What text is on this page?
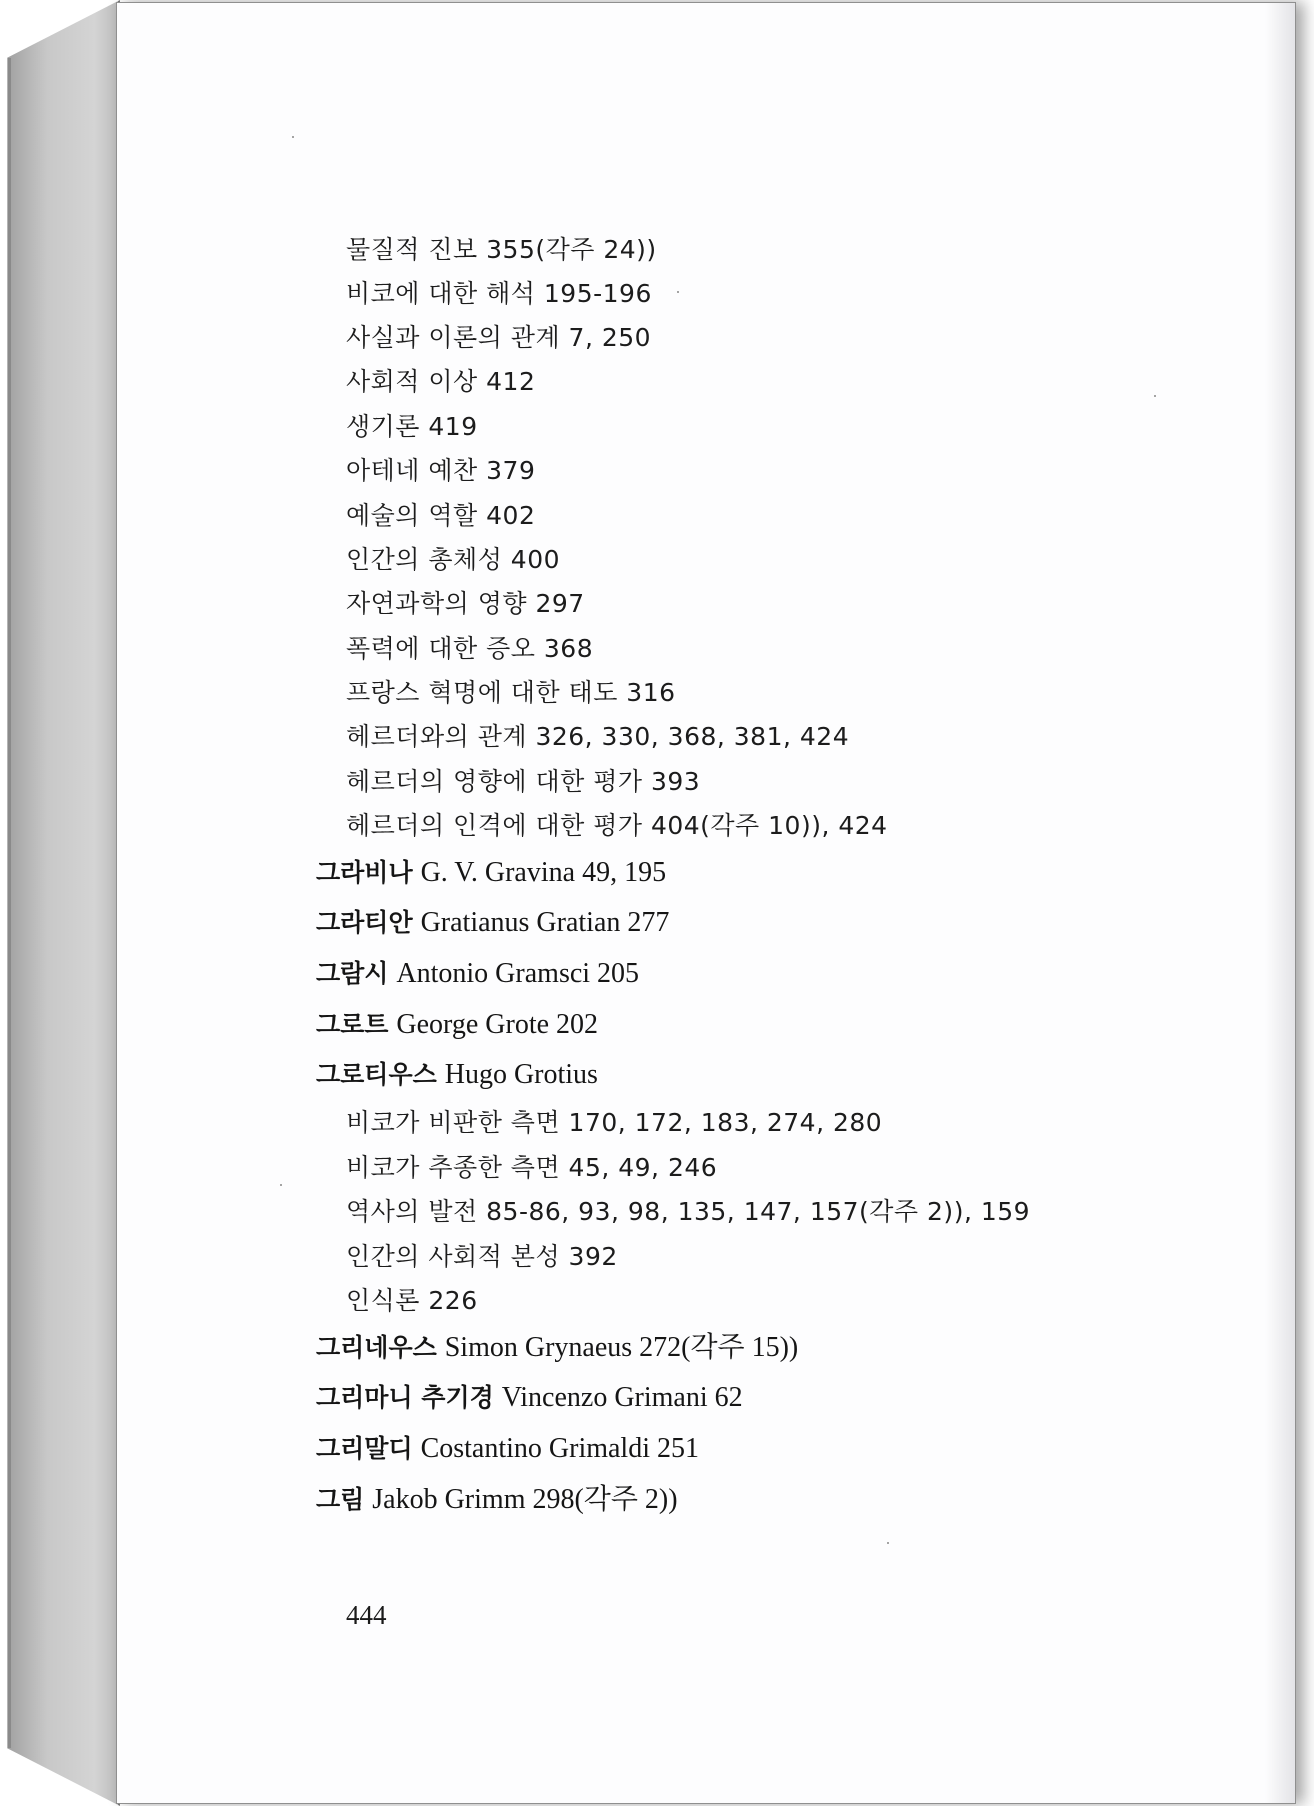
물질적 진보 355(각주 24))
비코에 대한 해석 195-196
사실과 이론의 관계 7, 250
사회적 이상 412
생기론 419
아테네 예찬 379
예술의 역할 402
인간의 총체성 400
자연과학의 영향 297
폭력에 대한 증오 368
프랑스 혁명에 대한 태도 316
헤르더와의 관계 326, 330, 368, 381, 424
헤르더의 영향에 대한 평가 393
헤르더의 인격에 대한 평가 404(각주 10)), 424
그라비나 G. V. Gravina 49, 195
그라티안 Gratianus Gratian 277
그람시 Antonio Gramsci 205
그로트 George Grote 202
그로티우스 Hugo Grotius
비코가 비판한 측면 170, 172, 183, 274, 280
비코가 추종한 측면 45, 49, 246
역사의 발전 85-86, 93, 98, 135, 147, 157(각주 2)), 159
인간의 사회적 본성 392
인식론 226
그리네우스 Simon Grynaeus 272(각주 15))
그리마니 추기경 Vincenzo Grimani 62
그리말디 Costantino Grimaldi 251
그림 Jakob Grimm 298(각주 2))
444
